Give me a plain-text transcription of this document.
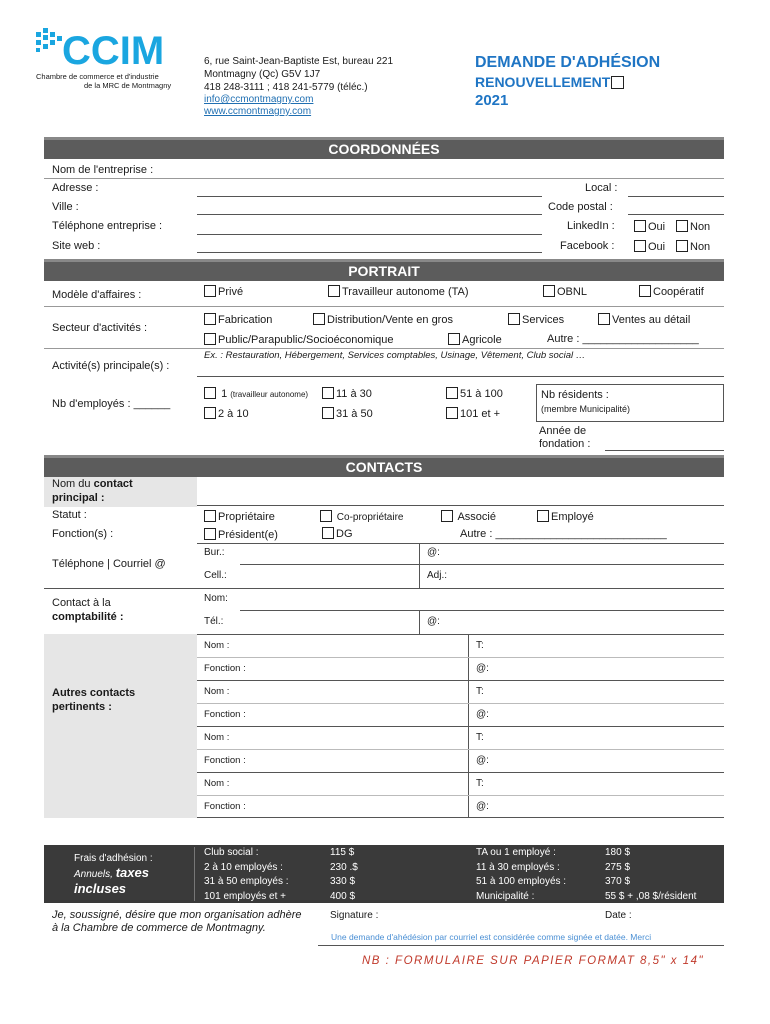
CCIM
Chambre de commerce et d'industrie
de la MRC de Montmagny
6, rue Saint-Jean-Baptiste Est, bureau 221
Montmagny (Qc) G5V 1J7
418 248-3111 ; 418 241-5779 (téléc.)
info@ccmontmagny.com
www.ccmontmagny.com
DEMANDE D'ADHÉSION
RENOUVELLEMENT
2021
COORDONNÉES
Nom de l'entreprise :
Adresse :	Local :
Ville :	Code postal :
Téléphone entreprise :	LinkedIn :	Oui	Non
Site web :	Facebook :	Oui	Non
PORTRAIT
Modèle d'affaires :	Privé	Travailleur autonome (TA)	OBNL	Coopératif
Secteur d'activités :
Fabrication	Distribution/Vente en gros	Services	Ventes au détail
Public/Parapublic/Socioéconomique	Agricole	Autre : ___________________
Ex. : Restauration, Hébergement, Services comptables, Usinage, Vêtement, Club social …
Activité(s) principale(s) :
Nb d'employés : ______
1 (travailleur autonome)	11 à 30	51 à 100
2 à 10	31 à 50	101 et +
Nb résidents :
(membre Municipalité)
Année de
fondation :
CONTACTS
Nom du contact
principal :
Statut :	Propriétaire	Co-propriétaire	Associé	Employé
Fonction(s) :	Président(e)	DG	Autre : ____________________________
Téléphone | Courriel @
Bur.:	@:
Cell.:	Adj.:
Contact à la
comptabilité :
Nom:
Tél.:	@:
Autres contacts
pertinents :
Nom :	T:
Fonction :	@:
Nom :	T:
Fonction :	@:
Nom :	T:
Fonction :	@:
Nom :	T:
Fonction :	@:
Frais d'adhésion :
Annuels, taxes
incluses
Club social :	115 $	TA ou 1 employé :	180 $
2 à 10 employés :	230 .$	11 à 30 employés :	275 $
31 à 50 employés :	330 $	51 à 100 employés :	370 $
101 employés et +	400 $	Municipalité :	55 $ + ,08 $/résident
Je, soussigné, désire que mon organisation adhère à la Chambre de commerce de Montmagny.
Signature :	Date :
Une demande d'ahédésion par courriel est considérée comme signée et datée. Merci
NB : FORMULAIRE SUR PAPIER FORMAT 8,5" x 14"
